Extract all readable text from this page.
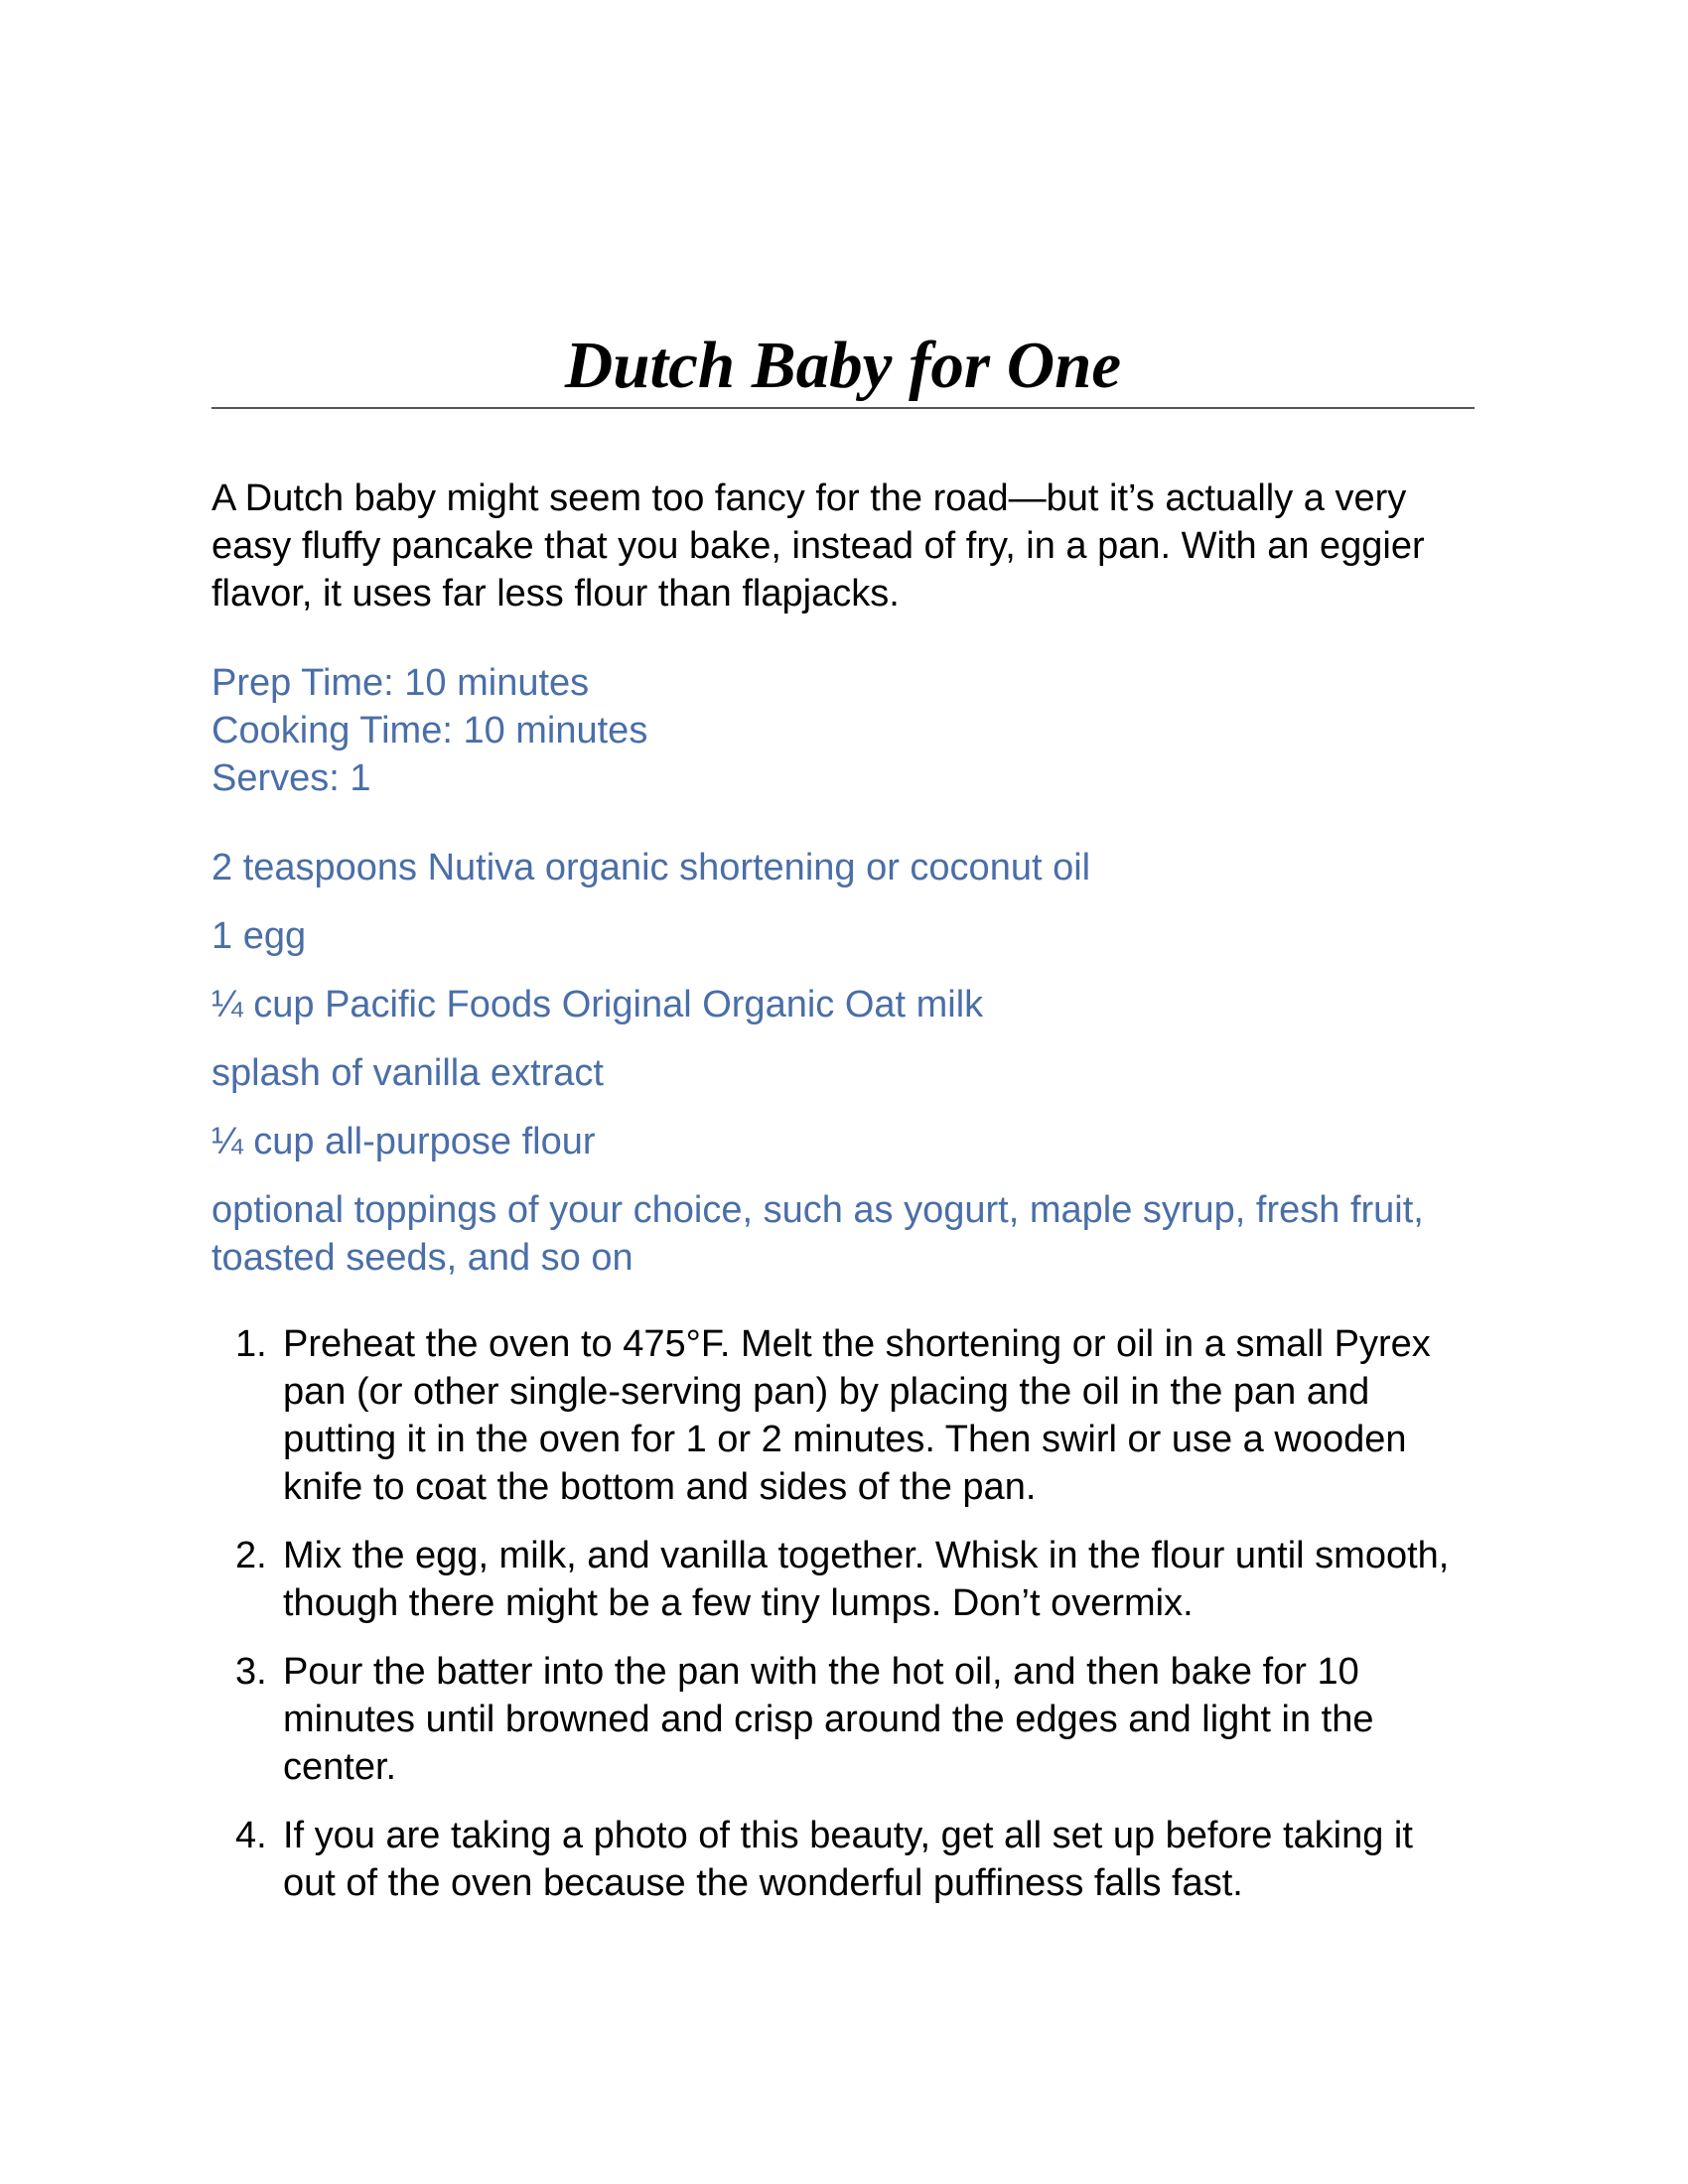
Dutch Baby for One

A Dutch baby might seem too fancy for the road—but it’s actually a very easy fluffy pancake that you bake, instead of fry, in a pan. With an eggier flavor, it uses far less flour than flapjacks.

Prep Time: 10 minutes
Cooking Time: 10 minutes
Serves: 1
2 teaspoons Nutiva organic shortening or coconut oil
1 egg
¼ cup Pacific Foods Original Organic Oat milk
splash of vanilla extract
¼ cup all-purpose flour
optional toppings of your choice, such as yogurt, maple syrup, fresh fruit, toasted seeds, and so on
1. Preheat the oven to 475°F. Melt the shortening or oil in a small Pyrex pan (or other single-serving pan) by placing the oil in the pan and putting it in the oven for 1 or 2 minutes. Then swirl or use a wooden knife to coat the bottom and sides of the pan.
2. Mix the egg, milk, and vanilla together. Whisk in the flour until smooth, though there might be a few tiny lumps. Don’t overmix.
3. Pour the batter into the pan with the hot oil, and then bake for 10 minutes until browned and crisp around the edges and light in the center.
4. If you are taking a photo of this beauty, get all set up before taking it out of the oven because the wonderful puffiness falls fast.
